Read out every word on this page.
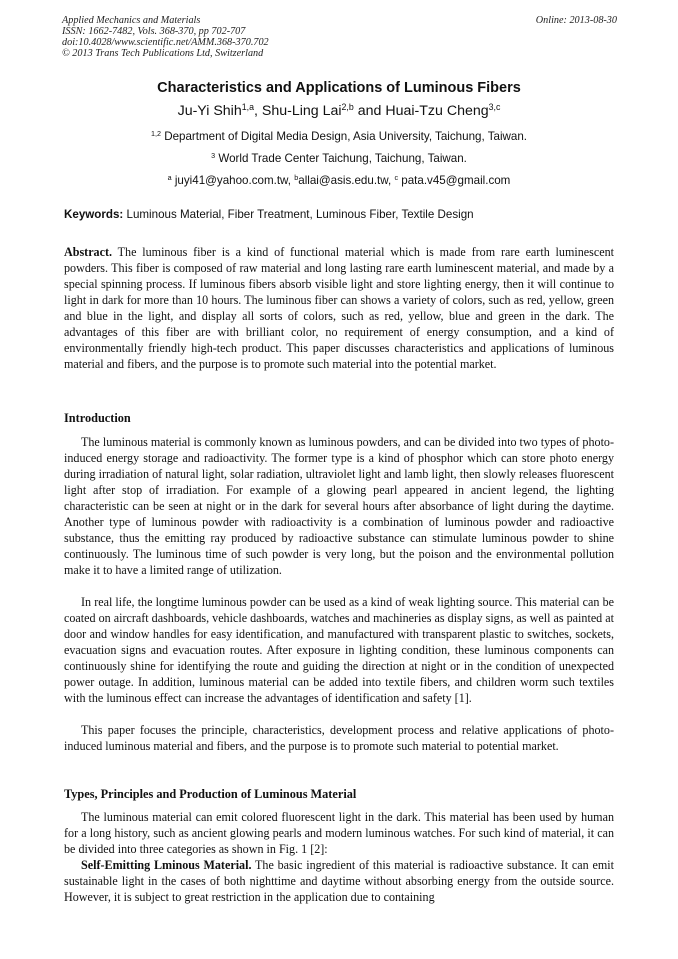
Applied Mechanics and Materials
ISSN: 1662-7482, Vols. 368-370, pp 702-707
doi:10.4028/www.scientific.net/AMM.368-370.702
© 2013 Trans Tech Publications Ltd, Switzerland
Online: 2013-08-30
Characteristics and Applications of Luminous Fibers
Ju-Yi Shih$^{1,a}$, Shu-Ling Lai$^{2,b}$ and Huai-Tzu Cheng$^{3,c}$
$^{1,2}$ Department of Digital Media Design, Asia University, Taichung, Taiwan.
$^3$ World Trade Center Taichung, Taichung, Taiwan.
$^a$ juyi41@yahoo.com.tw, $^b$allai@asis.edu.tw, $^c$ pata.v45@gmail.com
Keywords: Luminous Material, Fiber Treatment, Luminous Fiber, Textile Design
Abstract. The luminous fiber is a kind of functional material which is made from rare earth luminescent powders. This fiber is composed of raw material and long lasting rare earth luminescent material, and made by a special spinning process. If luminous fibers absorb visible light and store lighting energy, then it will continue to light in dark for more than 10 hours. The luminous fiber can shows a variety of colors, such as red, yellow, green and blue in the light, and display all sorts of colors, such as red, yellow, blue and green in the dark. The advantages of this fiber are with brilliant color, no requirement of energy consumption, and a kind of environmentally friendly high-tech product. This paper discusses characteristics and applications of luminous material and fibers, and the purpose is to promote such material into the potential market.
Introduction
The luminous material is commonly known as luminous powders, and can be divided into two types of photo-induced energy storage and radioactivity. The former type is a kind of phosphor which can store photo energy during irradiation of natural light, solar radiation, ultraviolet light and lamb light, then slowly releases fluorescent light after stop of irradiation. For example of a glowing pearl appeared in ancient legend, the lighting characteristic can be seen at night or in the dark for several hours after absorbance of light during the daytime. Another type of luminous powder with radioactivity is a combination of luminous powder and radioactive substance, thus the emitting ray produced by radioactive substance can stimulate luminous powder to shine continuously. The luminous time of such powder is very long, but the poison and the environmental pollution make it to have a limited range of utilization.
In real life, the longtime luminous powder can be used as a kind of weak lighting source. This material can be coated on aircraft dashboards, vehicle dashboards, watches and machineries as display signs, as well as painted at door and window handles for easy identification, and manufactured with transparent plastic to switches, sockets, evacuation signs and evacuation routes. After exposure in lighting condition, these luminous components can continuously shine for identifying the route and guiding the direction at night or in the condition of unexpected power outage. In addition, luminous material can be added into textile fibers, and children worm such textiles with the luminous effect can increase the advantages of identification and safety [1].
This paper focuses the principle, characteristics, development process and relative applications of photo-induced luminous material and fibers, and the purpose is to promote such material to potential market.
Types, Principles and Production of Luminous Material
The luminous material can emit colored fluorescent light in the dark. This material has been used by human for a long history, such as ancient glowing pearls and modern luminous watches. For such kind of material, it can be divided into three categories as shown in Fig. 1 [2]:
Self-Emitting Lminous Material. The basic ingredient of this material is radioactive substance. It can emit sustainable light in the cases of both nighttime and daytime without absorbing energy from the outside source. However, it is subject to great restriction in the application due to containing
